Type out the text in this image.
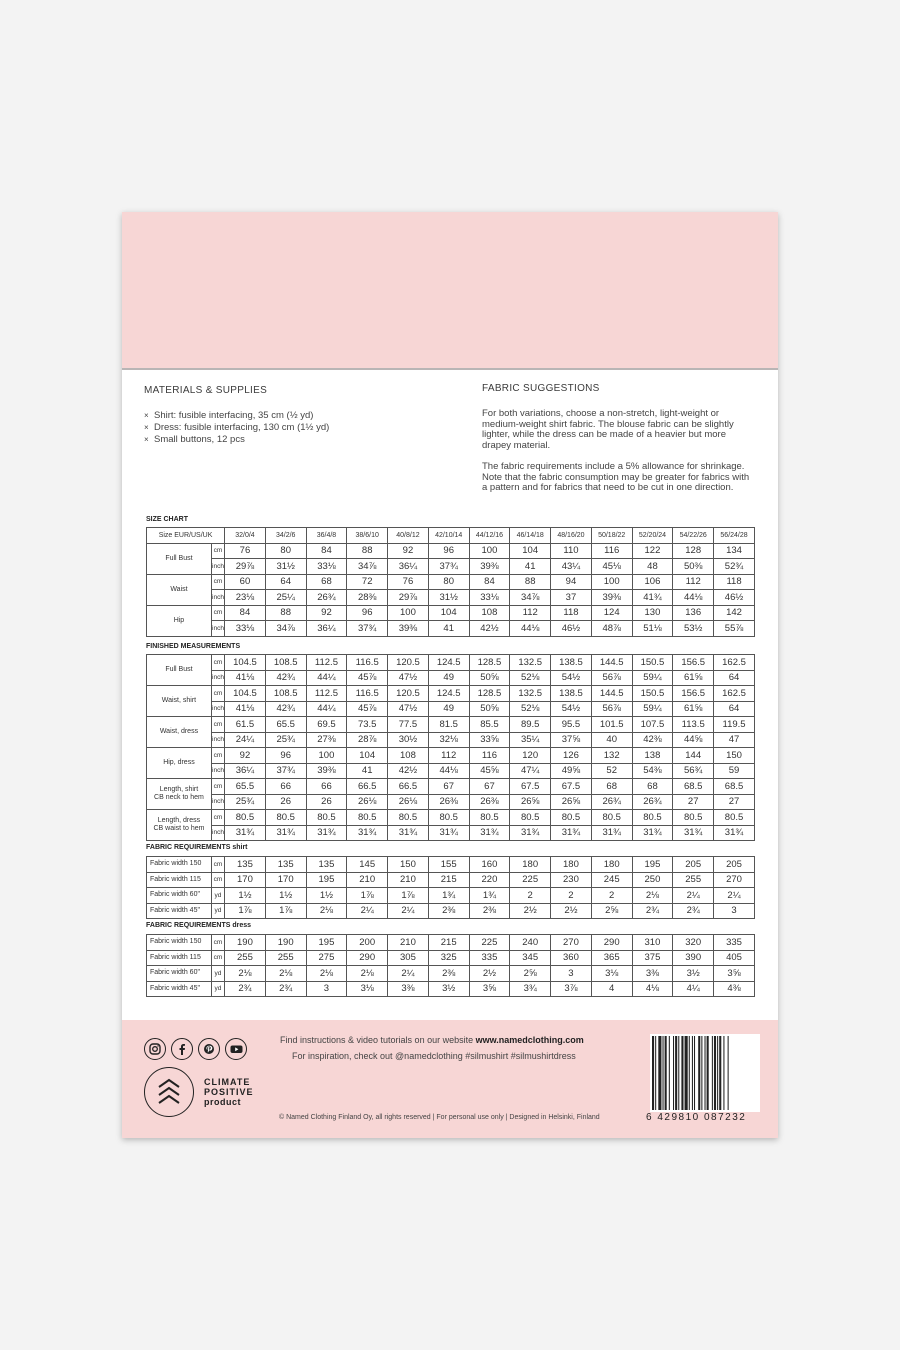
MATERIALS & SUPPLIES
× Shirt: fusible interfacing, 35 cm (½ yd)
× Dress: fusible interfacing, 130 cm (1½ yd)
× Small buttons, 12 pcs
FABRIC SUGGESTIONS

For both variations, choose a non-stretch, light-weight or medium-weight shirt fabric. The blouse fabric can be slightly lighter, while the dress can be made of a heavier but more drapey material.

The fabric requirements include a 5% allowance for shrinkage. Note that the fabric consumption may be greater for fabrics with a pattern and for fabrics that need to be cut in one direction.

SIZE CHART
Size EUR/US/UK		32/0/4	34/2/6	36/4/8	38/6/10	40/8/12	42/10/14	44/12/16	46/14/18	48/16/20	50/18/22	52/20/24	54/22/26	56/24/28
Full Bust	cm	76	80	84	88	92	96	100	104	110	116	122	128	134
	inch	29⅞	31½	33⅛	34⅞	36¼	37¾	39⅜	41	43¼	45⅛	48	50⅜	52¾
Waist	cm	60	64	68	72	76	80	84	88	94	100	106	112	118
	inch	23⅛	25¼	26¾	28⅜	29⅞	31½	33⅛	34⅞	37	39⅜	41¾	44⅛	46½
Hip	cm	84	88	92	96	100	104	108	112	118	124	130	136	142
	inch	33⅛	34⅞	36¼	37¾	39⅜	41	42½	44⅛	46½	48⅞	51⅛	53½	55⅞
FINISHED MEASUREMENTS
Full Bust	cm	104.5	108.5	112.5	116.5	120.5	124.5	128.5	132.5	138.5	144.5	150.5	156.5	162.5
	inch	41⅛	42¾	44¼	45⅞	47½	49	50⅝	52⅛	54½	56⅞	59¼	61⅝	64
Waist, shirt	cm	104.5	108.5	112.5	116.5	120.5	124.5	128.5	132.5	138.5	144.5	150.5	156.5	162.5
	inch	41⅛	42¾	44¼	45⅞	47½	49	50⅝	52⅛	54½	56⅞	59¼	61⅝	64
Waist, dress	cm	61.5	65.5	69.5	73.5	77.5	81.5	85.5	89.5	95.5	101.5	107.5	113.5	119.5
	inch	24¼	25¾	27⅜	28⅞	30½	32⅛	33⅝	35¼	37⅝	40	42⅜	44⅝	47
Hip, dress	cm	92	96	100	104	108	112	116	120	126	132	138	144	150
	inch	36¼	37¾	39⅜	41	42½	44⅛	45⅝	47¼	49⅝	52	54⅜	56¾	59
Length, shirt
CB neck to hem	cm	65.5	66	66	66.5	66.5	67	67	67.5	67.5	68	68	68.5	68.5
	inch	25¾	26	26	26⅛	26⅛	26⅜	26⅜	26⅝	26⅝	26¾	26¾	27	27
Length, dress
CB waist to hem	cm	80.5	80.5	80.5	80.5	80.5	80.5	80.5	80.5	80.5	80.5	80.5	80.5	80.5
	inch	31¾	31¾	31¾	31¾	31¾	31¾	31¾	31¾	31¾	31¾	31¾	31¾	31¾
FABRIC REQUIREMENTS shirt
Fabric width 150	cm	135	135	135	145	150	155	160	180	180	180	195	205	205
Fabric width 115	cm	170	170	195	210	210	215	220	225	230	245	250	255	270
Fabric width 60"	yd	1½	1½	1½	1⅞	1⅞	1¾	1¾	2	2	2	2⅛	2¼	2¼
Fabric width 45"	yd	1⅞	1⅞	2⅛	2¼	2¼	2⅜	2⅜	2½	2½	2⅝	2¾	2¾	3
FABRIC REQUIREMENTS dress
Fabric width 150	cm	190	190	195	200	210	215	225	240	270	290	310	320	335
Fabric width 115	cm	255	255	275	290	305	325	335	345	360	365	375	390	405
Fabric width 60"	yd	2⅛	2⅛	2⅛	2⅛	2¼	2⅜	2½	2⅝	3	3⅛	3⅜	3½	3⅝
Fabric width 45"	yd	2¾	2¾	3	3⅛	3⅜	3½	3⅝	3¾	3⅞	4	4⅛	4¼	4⅜
CLIMATE
POSITIVE
product
Find instructions & video tutorials on our website www.namedclothing.com
For inspiration, check out @namedclothing #silmushirt #silmushirtdress
© Named Clothing Finland Oy, all rights reserved | For personal use only | Designed in Helsinki, Finland	6 429810 087232
